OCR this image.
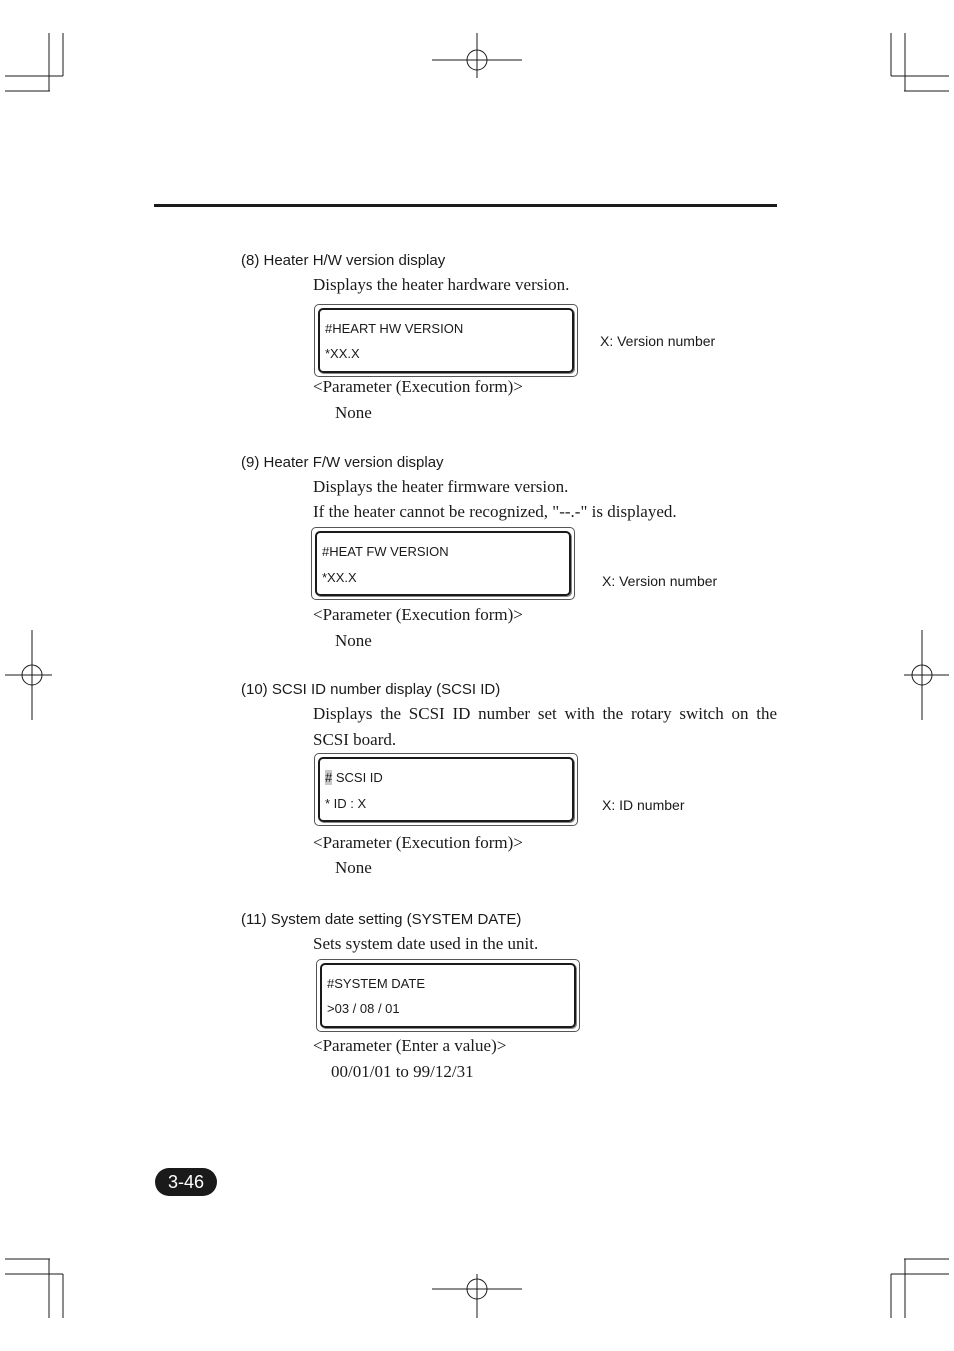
(8) Heater H/W version display
Displays the heater hardware version.
#HEART HW VERSION
*XX.X
X: Version number
<Parameter (Execution form)>
None
(9) Heater F/W version display
Displays the heater firmware version.
If the heater cannot be recognized, "--.-" is displayed.
#HEAT FW VERSION
*XX.X	X: Version number
<Parameter (Execution form)>
None
(10) SCSI ID number display (SCSI ID)
Displays the SCSI ID number set with the rotary switch on the
SCSI board.
# SCSI ID
* ID : X	X: ID number
<Parameter (Execution form)>
None
(11) System date setting (SYSTEM DATE)
Sets system date used in the unit.
#SYSTEM DATE
>03 / 08 / 01
<Parameter (Enter a value)>
00/01/01 to 99/12/31
3-46
